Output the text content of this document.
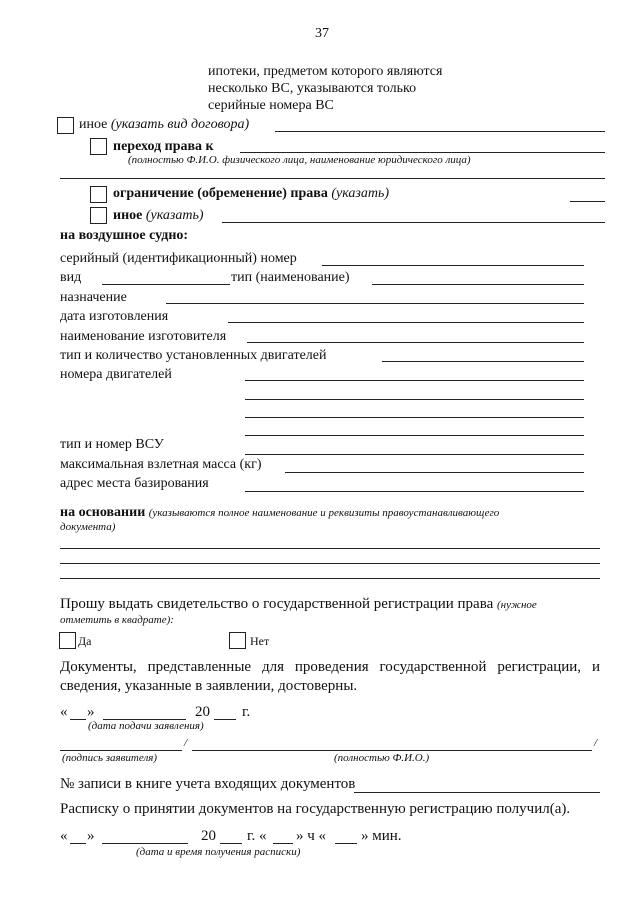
37
ипотеки, предметом которого являются
несколько ВС, указываются только
серийные номера ВС
иное (указать вид договора)
переход права к
(полностью Ф.И.О. физического лица, наименование юридического лица)
ограничение (обременение) права (указать)
иное (указать)
на воздушное судно:
серийный (идентификационный) номер
вид	тип (наименование)
назначение
дата изготовления
наименование изготовителя
тип и количество установленных двигателей
номера двигателей
тип и номер ВСУ
максимальная взлетная масса (кг)
адрес места базирования
на основании (указываются полное наименование и реквизиты правоустанавливающего
документа)
Прошу выдать свидетельство о государственной регистрации права (нужное
отметить в квадрате):
Да	Нет
Документы, представленные для проведения государственной регистрации, и
сведения, указанные в заявлении, достоверны.
« »	20 г.
(дата подачи заявления)
/	/
(подпись заявителя)	(полностью Ф.И.О.)
№ записи в книге учета входящих документов
Расписку о принятии документов на государственную регистрацию получил(а).
« »	20 г. « » ч « » мин.
(дата и время получения расписки)
